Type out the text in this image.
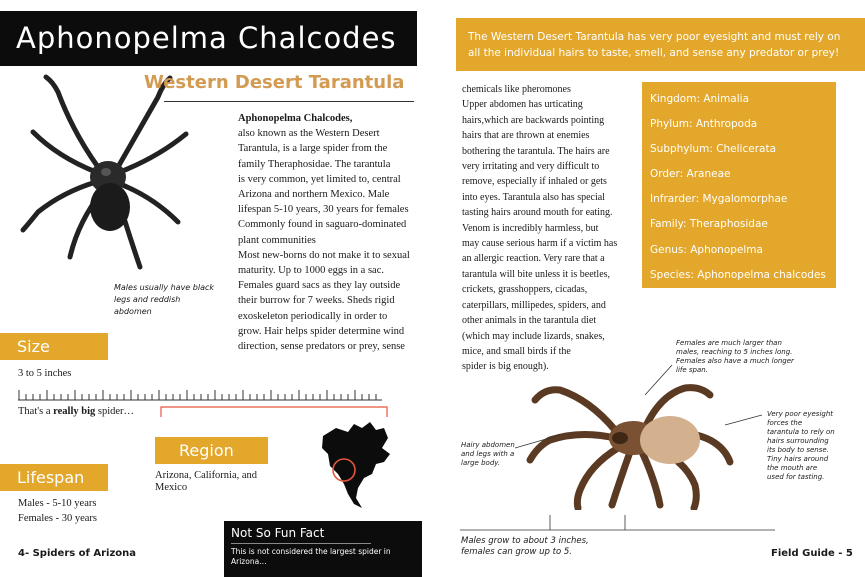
Aphonopelma Chalcodes
Males usually have black legs and reddish abdomen
Western Desert Tarantula
Aphonopelma Chalcodes,
also known as the Western Desert
Tarantula, is a large spider from the
family Theraphosidae. The tarantula
is very common, yet limited to, central
Arizona and northern Mexico. Male
lifespan 5-10 years, 30 years for females
Commonly found in saguaro-dominated
plant communities
Most new-borns do not make it to sexual
maturity. Up to 1000 eggs in a sac.
Females guard sacs as they lay outside
their burrow for 7 weeks. Sheds rigid
exoskeleton periodically in order to
grow. Hair helps spider determine wind
direction, sense predators or prey, sense
Size
3 to 5 inches
That's a really big spider…
Region
Arizona, California, and Mexico
Lifespan
Males - 5-10 years
Females - 30 years
Not So Fun Fact
This is not considered the largest spider in Arizona…
4- Spiders of Arizona
The Western Desert Tarantula has very poor eyesight and must rely on all the individual hairs to taste, smell, and sense any predator or prey!
chemicals like pheromones
Upper abdomen has urticating
hairs,which are backwards pointing
hairs that are thrown at enemies
bothering the tarantula. The hairs are
very irritating and very difficult to
remove, especially if inhaled or gets
into eyes. Tarantula also has special
tasting hairs around mouth for eating.
Venom is incredibly harmless, but
may cause serious harm if a victim has
an allergic reaction. Very rare that a
tarantula will bite unless it is beetles,
crickets, grasshoppers, cicadas,
caterpillars, millipedes, spiders, and
other animals in the tarantula diet
(which may include lizards, snakes,
mice, and small birds if the
spider is big enough).
Kingdom: Animalia
Phylum: Anthropoda
Subphylum: Chelicerata
Order: Araneae
Infrarder: Mygalomorphae
Family: Theraphosidae
Genus: Aphonopelma
Species: Aphonopelma chalcodes
Females are much larger than males, reaching to 5 inches long. Females also have a much longer life span.
Hairy abdomen and legs with a large body.
Very poor eyesight forces the tarantula to rely on hairs surrounding its body to sense. Tiny hairs around the mouth are used for tasting.
Males grow to about 3 inches, females can grow up to 5.	Field Guide - 5
